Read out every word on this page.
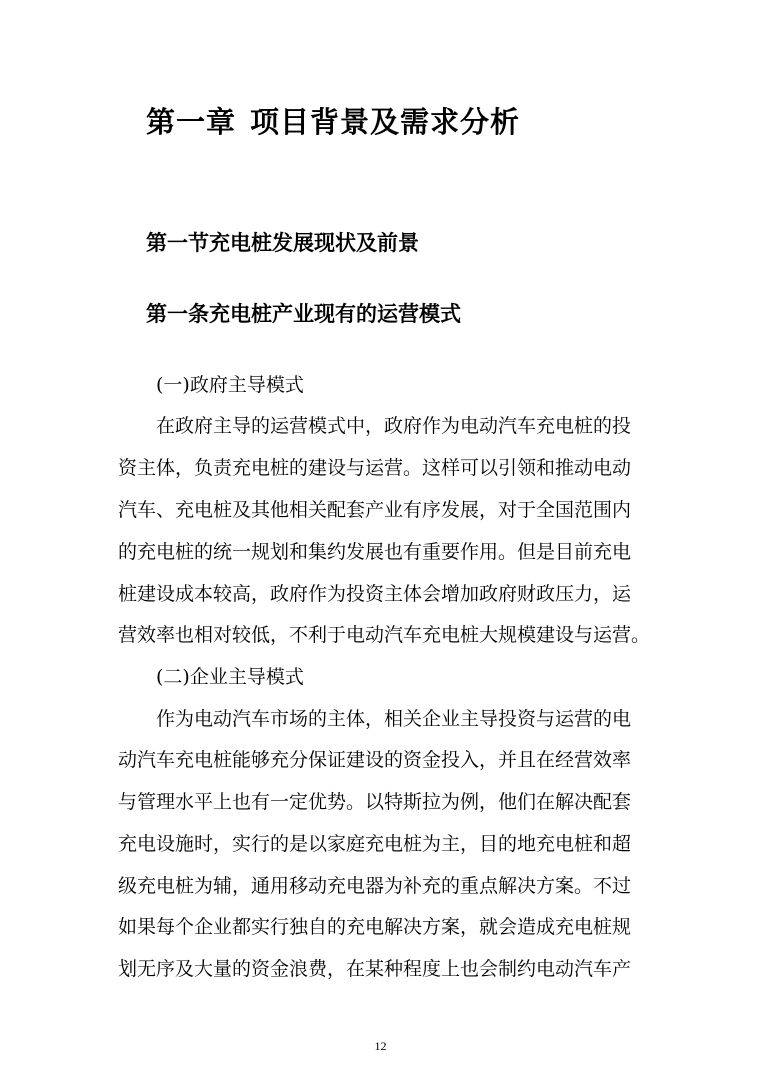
第一章 项目背景及需求分析
第一节充电桩发展现状及前景
第一条充电桩产业现有的运营模式
(一)政府主导模式
在政府主导的运营模式中，政府作为电动汽车充电桩的投
资主体，负责充电桩的建设与运营。这样可以引领和推动电动
汽车、充电桩及其他相关配套产业有序发展，对于全国范围内
的充电桩的统一规划和集约发展也有重要作用。但是目前充电
桩建设成本较高，政府作为投资主体会增加政府财政压力，运
营效率也相对较低，不利于电动汽车充电桩大规模建设与运营。
(二)企业主导模式
作为电动汽车市场的主体，相关企业主导投资与运营的电
动汽车充电桩能够充分保证建设的资金投入，并且在经营效率
与管理水平上也有一定优势。以特斯拉为例，他们在解决配套
充电设施时，实行的是以家庭充电桩为主，目的地充电桩和超
级充电桩为辅，通用移动充电器为补充的重点解决方案。不过
如果每个企业都实行独自的充电解决方案，就会造成充电桩规
划无序及大量的资金浪费，在某种程度上也会制约电动汽车产
12
